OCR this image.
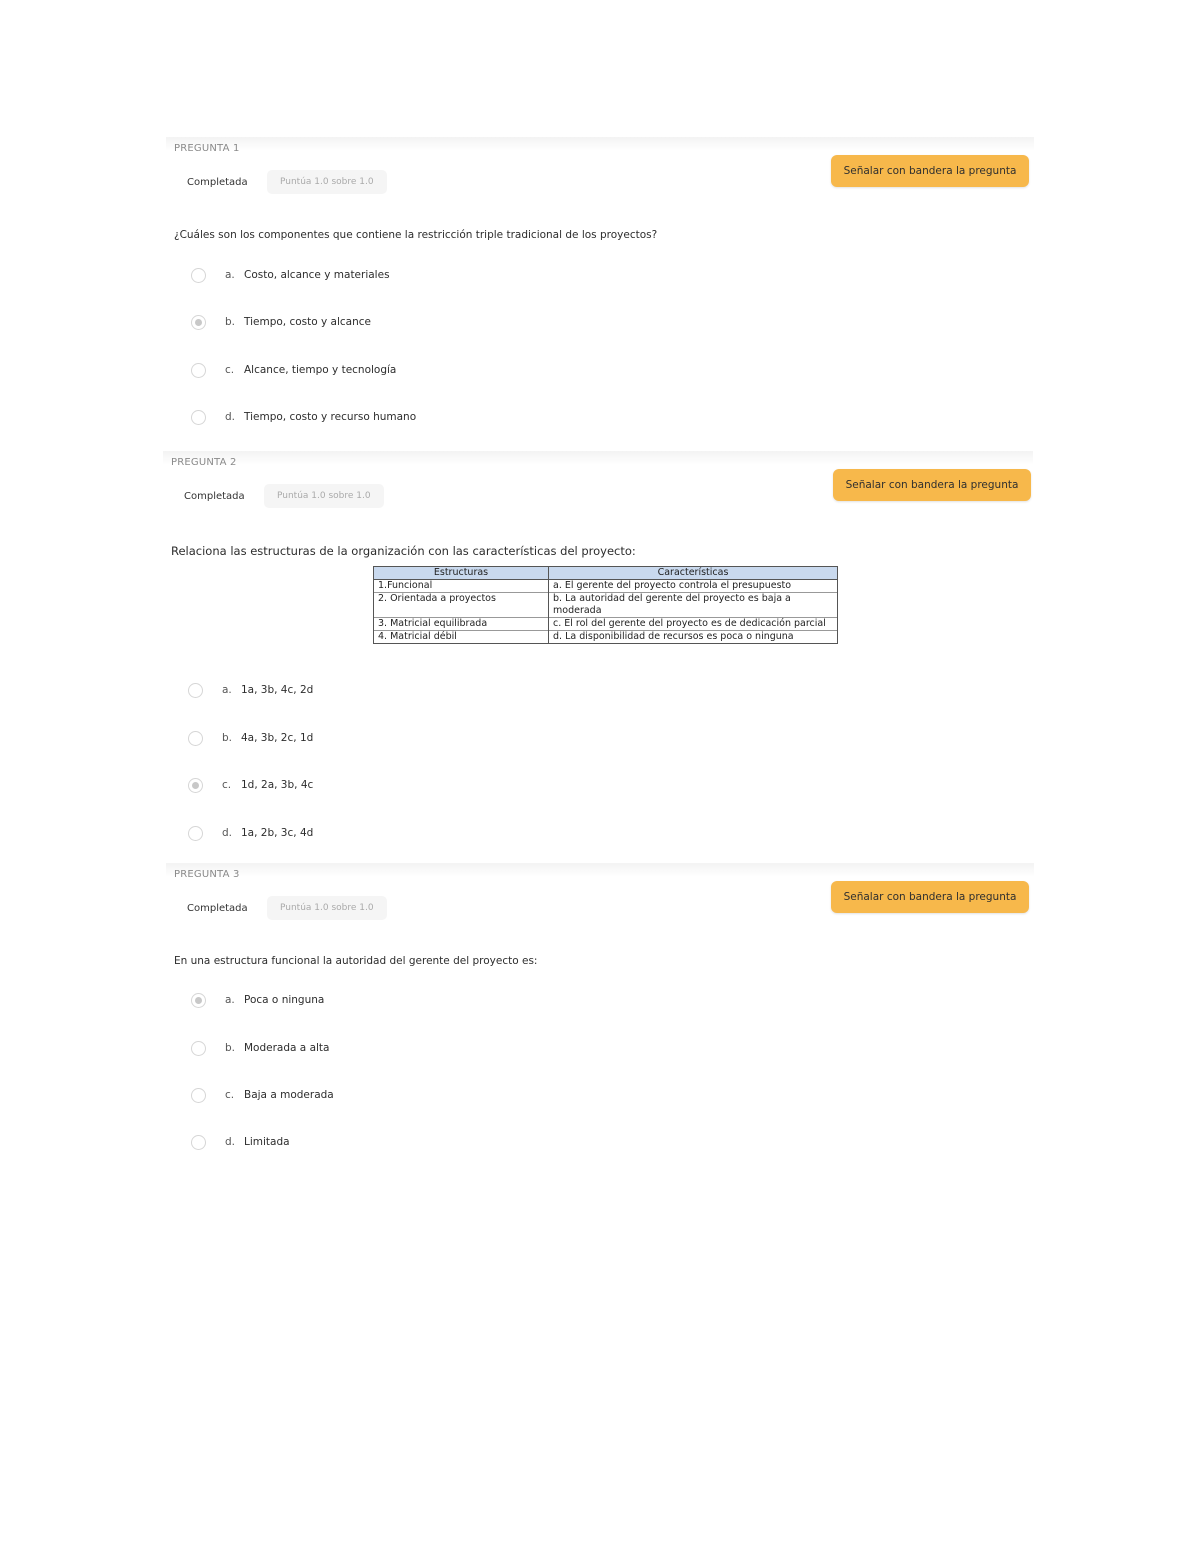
PREGUNTA 1
Completada	Puntúa 1.0 sobre 1.0
Señalar con bandera la pregunta
¿Cuáles son los componentes que contiene la restricción triple tradicional de los proyectos?
a. Costo, alcance y materiales
b. Tiempo, costo y alcance
c. Alcance, tiempo y tecnología
d. Tiempo, costo y recurso humano
PREGUNTA 2
Completada	Puntúa 1.0 sobre 1.0
Señalar con bandera la pregunta
Relaciona las estructuras de la organización con las características del proyecto:
Estructuras	Características
1.Funcional	a. El gerente del proyecto controla el presupuesto
2. Orientada a proyectos	b. La autoridad del gerente del proyecto es baja a moderada
3. Matricial equilibrada	c. El rol del gerente del proyecto es de dedicación parcial
4. Matricial débil	d. La disponibilidad de recursos es poca o ninguna
a. 1a, 3b, 4c, 2d
b. 4a, 3b, 2c, 1d
c. 1d, 2a, 3b, 4c
d. 1a, 2b, 3c, 4d
PREGUNTA 3
Completada	Puntúa 1.0 sobre 1.0
Señalar con bandera la pregunta
En una estructura funcional la autoridad del gerente del proyecto es:
a. Poca o ninguna
b. Moderada a alta
c. Baja a moderada
d. Limitada
